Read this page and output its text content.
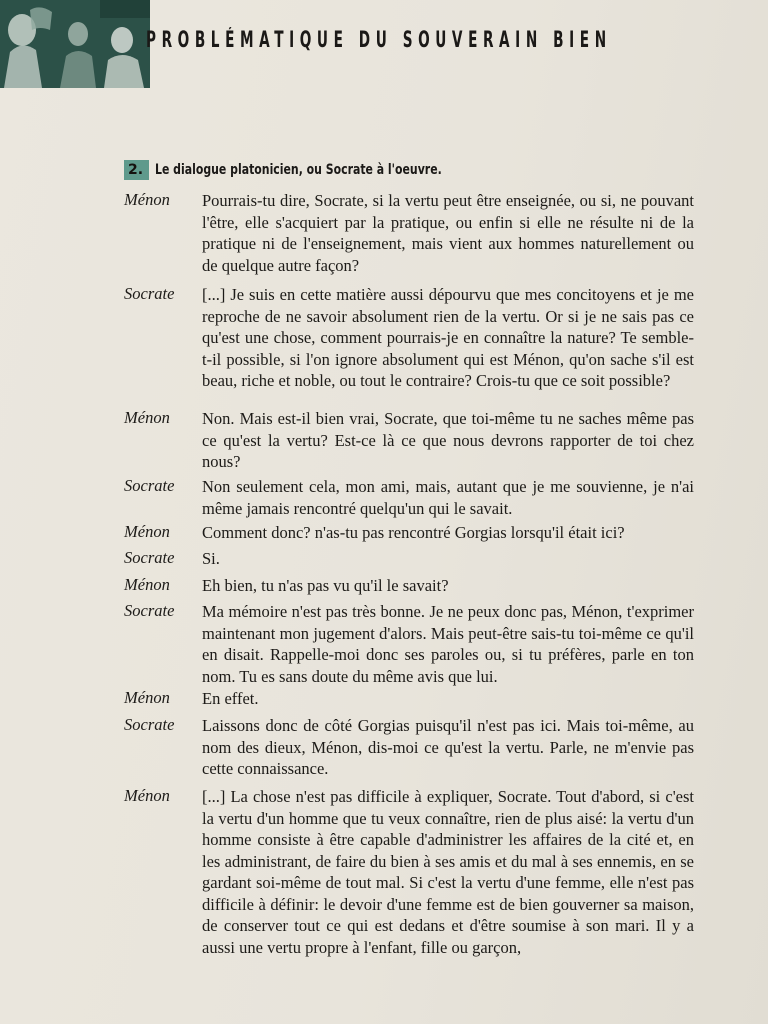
PROBLÉMATIQUE DU SOUVERAIN BIEN
2. Le dialogue platonicien, ou Socrate à l'oeuvre.
Ménon	Pourrais-tu dire, Socrate, si la vertu peut être enseignée, ou si, ne pouvant l'être, elle s'acquiert par la pratique, ou enfin si elle ne résulte ni de la pratique ni de l'enseignement, mais vient aux hommes naturellement ou de quelque autre façon?
Socrate	[...] Je suis en cette matière aussi dépourvu que mes concitoyens et je me reproche de ne savoir absolument rien de la vertu. Or si je ne sais pas ce qu'est une chose, comment pourrais-je en connaître la nature? Te semble-t-il possible, si l'on ignore absolument qui est Ménon, qu'on sache s'il est beau, riche et noble, ou tout le contraire? Crois-tu que ce soit possible?
Ménon	Non. Mais est-il bien vrai, Socrate, que toi-même tu ne saches même pas ce qu'est la vertu? Est-ce là ce que nous devrons rapporter de toi chez nous?
Socrate	Non seulement cela, mon ami, mais, autant que je me souvienne, je n'ai même jamais rencontré quelqu'un qui le savait.
Ménon	Comment donc? n'as-tu pas rencontré Gorgias lorsqu'il était ici?
Socrate	Si.
Ménon	Eh bien, tu n'as pas vu qu'il le savait?
Socrate	Ma mémoire n'est pas très bonne. Je ne peux donc pas, Ménon, t'exprimer maintenant mon jugement d'alors. Mais peut-être sais-tu toi-même ce qu'il en disait. Rappelle-moi donc ses paroles ou, si tu préfères, parle en ton nom. Tu es sans doute du même avis que lui.
Ménon	En effet.
Socrate	Laissons donc de côté Gorgias puisqu'il n'est pas ici. Mais toi-même, au nom des dieux, Ménon, dis-moi ce qu'est la vertu. Parle, ne m'envie pas cette connaissance.
Ménon	[...] La chose n'est pas difficile à expliquer, Socrate. Tout d'abord, si c'est la vertu d'un homme que tu veux connaître, rien de plus aisé: la vertu d'un homme consiste à être capable d'administrer les affaires de la cité et, en les administrant, de faire du bien à ses amis et du mal à ses ennemis, en se gardant soi-même de tout mal. Si c'est la vertu d'une femme, elle n'est pas difficile à définir: le devoir d'une femme est de bien gouverner sa maison, de conserver tout ce qui est dedans et d'être soumise à son mari. Il y a aussi une vertu propre à l'enfant, fille ou garçon,
